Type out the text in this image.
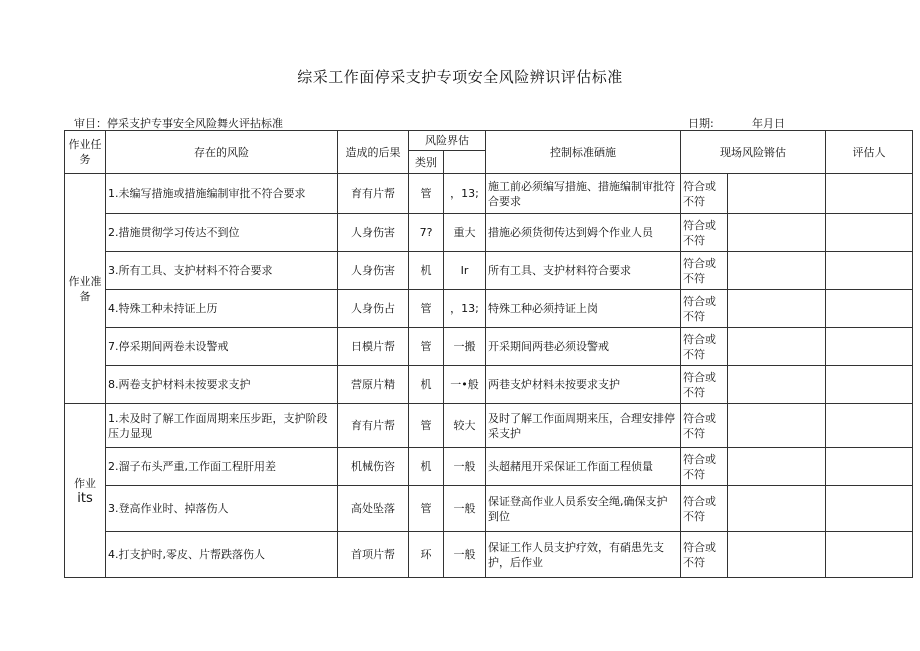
综采工作面停采支护专项安全风险辨识评估标准
审目：停采支护专事安全风险舞火评拈标准	日期:	年月日
作业任务	存在的风险	造成的后果	风险界估		控制标准硒施	现场风险锵估		评估人
			类别					

作业准
备	1.未编写措施或措施编制审批不符合要求	育有片帮	管	，13;	施工前必须编写措施、措施编制审批符合要求	符合或不符		
	2.措施贯彻学习传达不到位	人身伤害	7?	重大	措施必须货彻传达到姆个作业人员	符合或不符		
	3.所有工具、支护材料不符合要求	人身伤害	机	Ir	所有工具、支护材料符合要求	符合或不符		
	4.特殊工种未持证上历	人身伤占	管	，13;	特殊工种必须持证上岗	符合或不符		
	7.停采期间两卷未设警戒	日模片帮	管	一搬	开采期间两巷必须设警戒	符合或不符		
	8.两卷支护材料未按要求支护	营原片精	机	一•般	两巷支炉材料未按要求支护	符合或不符		

作业
its	1.未及时了解工作面周期来压步距，支护阶段压力显现	育有片帮	管	较大	及时了解工作面周期来压，合理安排停采支护	符合或不符		
	2.溜子布头严重,工作面工程肝用差	机械伤咨	机	一般	头超赭甩开采保证工作面工程侦量	符合或不符		
	3.登高作业时、掉落伤人	高处坠落	管	一般	保证登高作业人员系安全绳,确保支护到位	符合或不符		
	4.打支护时,零皮、片帮跌落伤人	首项片帮	环	一般	保证工作人员支护疗效，有硝患先支护，后作业	符合或不符		
